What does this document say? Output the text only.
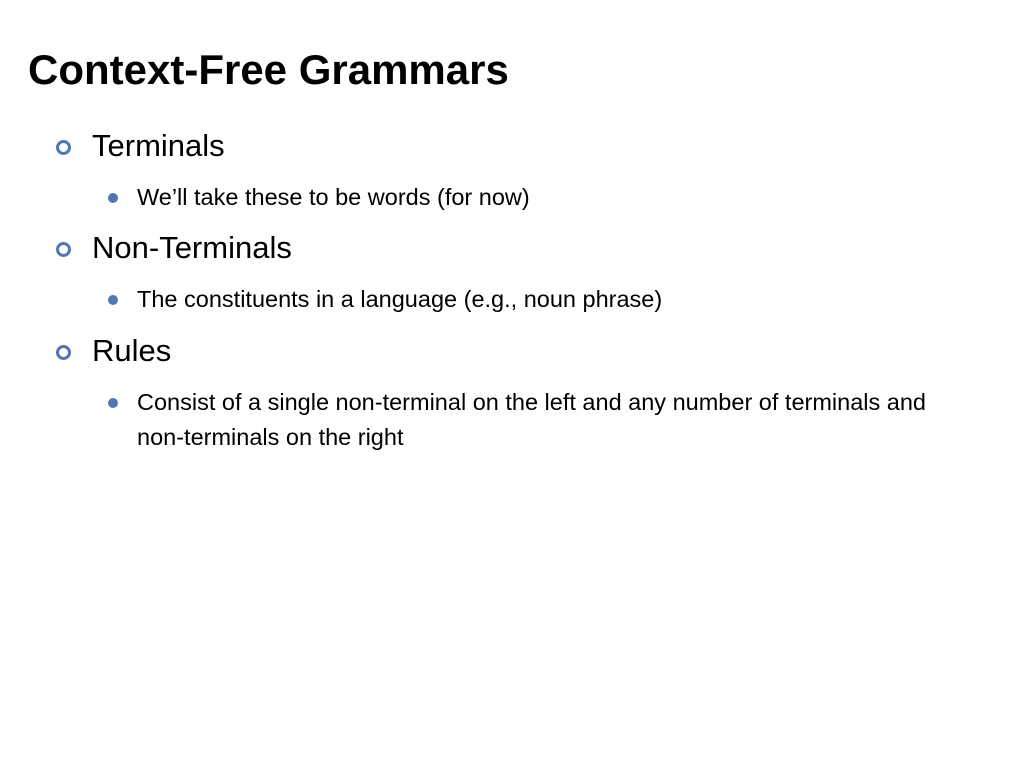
Context-Free Grammars
Terminals
We’ll take these to be words (for now)
Non-Terminals
The constituents in a language (e.g., noun phrase)
Rules
Consist of a single non-terminal on the left and any number of terminals and non-terminals on the right
